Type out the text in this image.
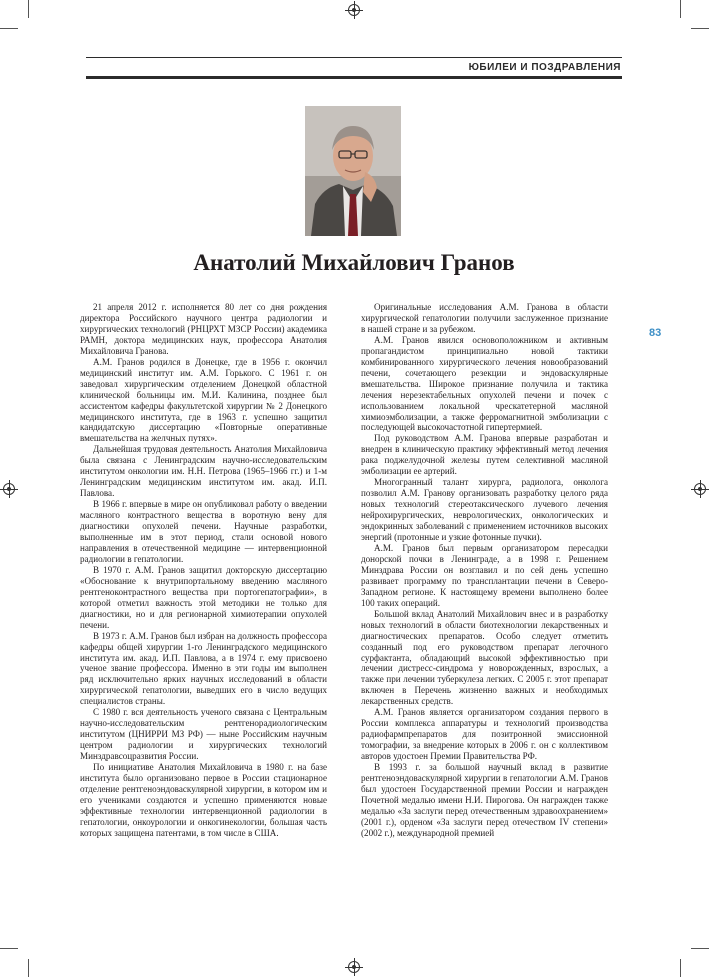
ЮБИЛЕИ И ПОЗДРАВЛЕНИЯ
83
Анатолий Михайлович Гранов

21 апреля 2012 г. исполняется 80 лет со дня рождения директора Российского научного центра радиологии и хирургических технологий (РНЦРХТ МЗСР России) академика РАМН, доктора медицинских наук, профессора Анатолия Михайловича Гранова.

А.М. Гранов родился в Донецке, где в 1956 г. окончил медицинский институт им. А.М. Горького. С 1961 г. он заведовал хирургическим отделением Донецкой областной клинической больницы им. М.И. Калинина, позднее был ассистентом кафедры факультетской хирургии № 2 Донецкого медицинского института, где в 1963 г. успешно защитил кандидатскую диссертацию «Повторные оперативные вмешательства на желчных путях».

Дальнейшая трудовая деятельность Анатолия Михайловича была связана с Ленинградским научно-исследовательским институтом онкологии им. Н.Н. Петрова (1965–1966 гг.) и 1-м Ленинградским медицинским институтом им. акад. И.П. Павлова.

В 1966 г. впервые в мире он опубликовал работу о введении масляного контрастного вещества в воротную вену для диагностики опухолей печени. Научные разработки, выполненные им в этот период, стали основой нового направления в отечественной медицине — интервенционной радиологии в гепатологии.

В 1970 г. А.М. Гранов защитил докторскую диссертацию «Обоснование к внутрипортальному введению масляного рентгеноконтрастного вещества при портогепатографии», в которой отметил важность этой методики не только для диагностики, но и для регионарной химиотерапии опухолей печени.

В 1973 г. А.М. Гранов был избран на должность профессора кафедры общей хирургии 1-го Ленинградского медицинского института им. акад. И.П. Павлова, а в 1974 г. ему присвоено ученое звание профессора. Именно в эти годы им выполнен ряд исключительно ярких научных исследований в области хирургической гепатологии, выведших его в число ведущих специалистов страны.

С 1980 г. вся деятельность ученого связана с Центральным научно-исследовательским рентгенорадиологическим институтом (ЦНИРРИ МЗ РФ) — ныне Российским научным центром радиологии и хирургических технологий Минздравсоцразвития России.

По инициативе Анатолия Михайловича в 1980 г. на базе института было организовано первое в России стационарное отделение рентгеноэндоваскулярной хирургии, в котором им и его учениками создаются и успешно применяются новые эффективные технологии интервенционной радиологии в гепатологии, онкоурологии и онкогинекологии, большая часть которых защищена патентами, в том числе в США.

Оригинальные исследования А.М. Гранова в области хирургической гепатологии получили заслуженное признание в нашей стране и за рубежом.

А.М. Гранов явился основоположником и активным пропагандистом принципиально новой тактики комбинированного хирургического лечения новообразований печени, сочетающего резекции и эндоваскулярные вмешательства. Широкое признание получила и тактика лечения нерезектабельных опухолей печени и почек с использованием локальной чрескатетерной масляной химиоэмболизации, а также ферромагнитной эмболизации с последующей высокочастотной гипертермией.

Под руководством А.М. Гранова впервые разработан и внедрен в клиническую практику эффективный метод лечения рака поджелудочной железы путем селективной масляной эмболизации ее артерий.

Многогранный талант хирурга, радиолога, онколога позволил А.М. Гранову организовать разработку целого ряда новых технологий стереотаксического лучевого лечения нейрохирургических, неврологических, онкологических и эндокринных заболеваний с применением источников высоких энергий (протонные и узкие фотонные пучки).

А.М. Гранов был первым организатором пересадки донорской почки в Ленинграде, а в 1998 г. Решением Минздрава России он возглавил и по сей день успешно развивает программу по трансплантации печени в Северо-Западном регионе. К настоящему времени выполнено более 100 таких операций.

Большой вклад Анатолий Михайлович внес и в разработку новых технологий в области биотехнологии лекарственных и диагностических препаратов. Особо следует отметить созданный под его руководством препарат легочного сурфактанта, обладающий высокой эффективностью при лечении дистресс-синдрома у новорожденных, взрослых, а также при лечении туберкулеза легких. С 2005 г. этот препарат включен в Перечень жизненно важных и необходимых лекарственных средств.

А.М. Гранов является организатором создания первого в России комплекса аппаратуры и технологий производства радиофармпрепаратов для позитронной эмиссионной томографии, за внедрение которых в 2006 г. он с коллективом авторов удостоен Премии Правительства РФ.

В 1993 г. за большой научный вклад в развитие рентгеноэндоваскулярной хирургии в гепатологии А.М. Гранов был удостоен Государственной премии России и награжден Почетной медалью имени Н.И. Пирогова. Он награжден также медалью «За заслуги перед отечественным здравоохранением» (2001 г.), орденом «За заслуги перед отечеством IV степени» (2002 г.), международной премией
